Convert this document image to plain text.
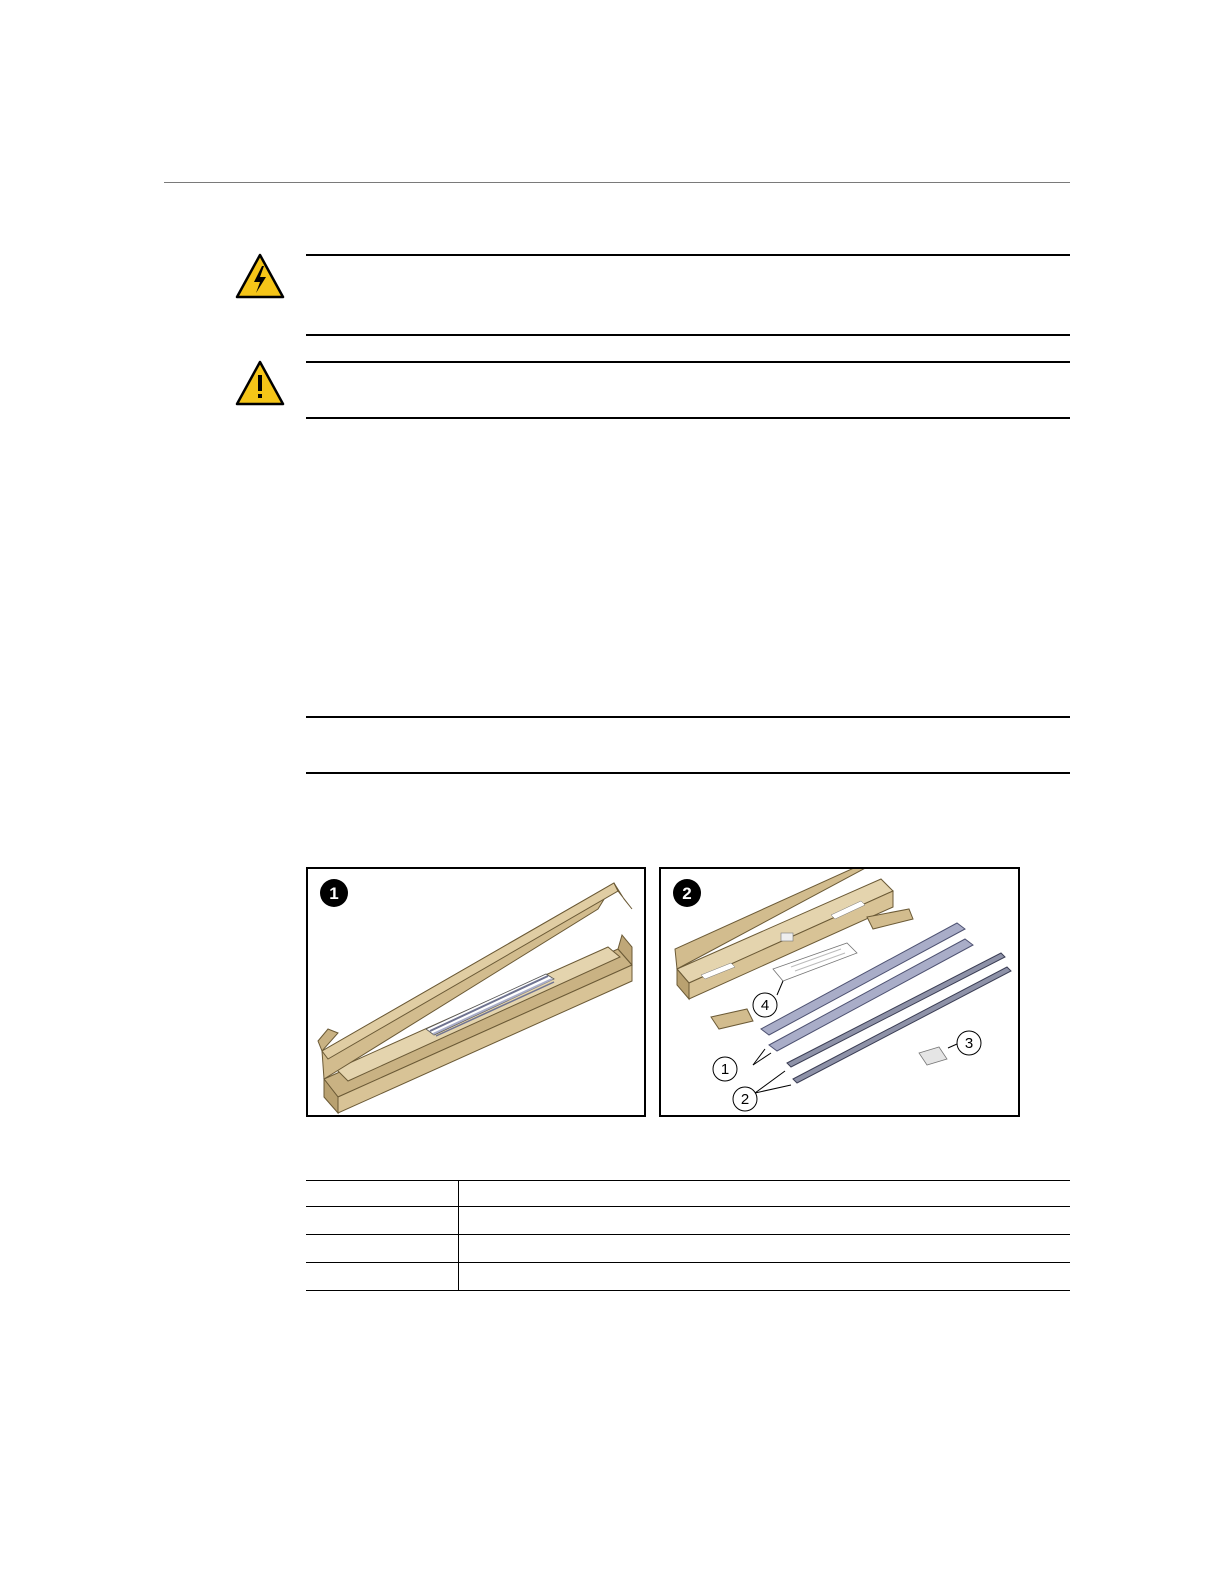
1	2
1
2
3
4
